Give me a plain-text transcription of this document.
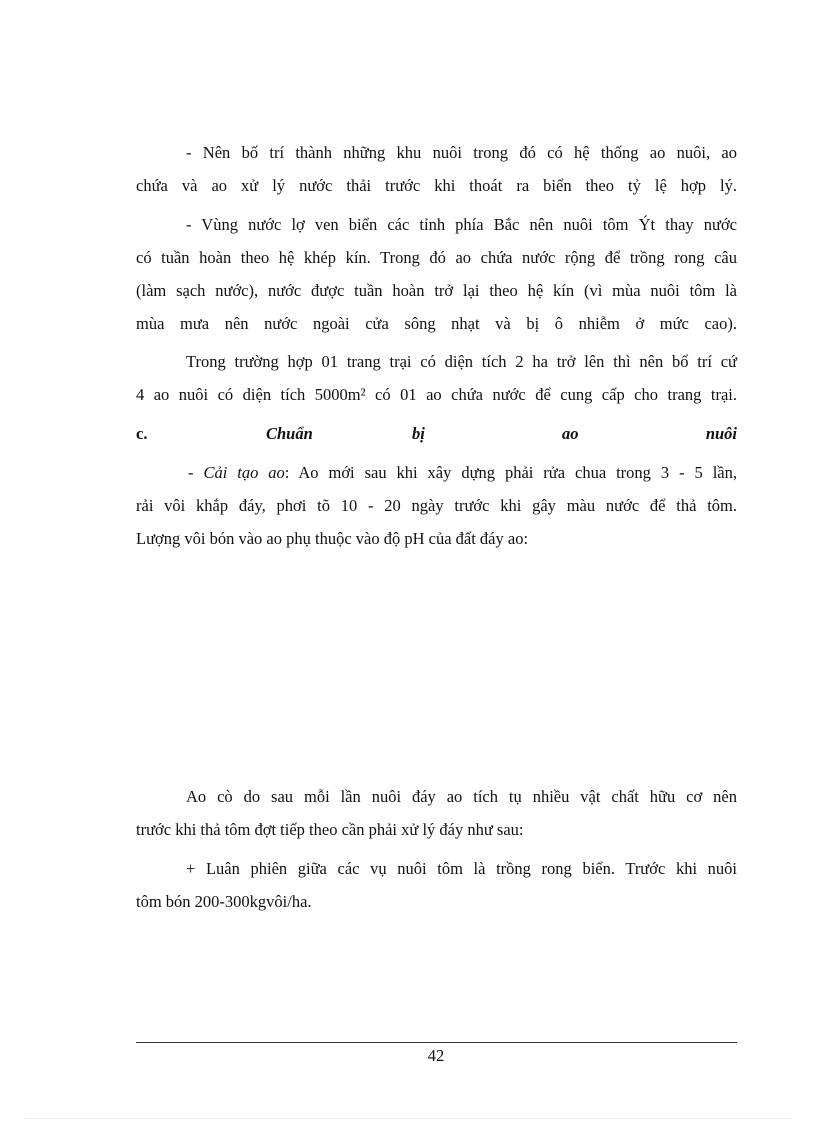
- Nên bố trí thành những khu nuôi trong đó có hệ thống ao nuôi, ao
chứa và ao xử lý nước thải trước khi thoát ra biển theo tỷ lệ hợp lý.
- Vùng nước lợ ven biển các tỉnh phía Bắc nên nuôi tôm Ýt thay nước
có tuần hoàn theo hệ khép kín. Trong đó ao chứa nước rộng để trồng rong câu
(làm sạch nước), nước được tuần hoàn trở lại theo hệ kín (vì mùa nuôi tôm là
mùa mưa nên nước ngoài cửa sông nhạt và bị ô nhiễm ở mức cao).
Trong trường hợp 01 trang trại có diện tích 2 ha trở lên thì nên bố trí cứ
4 ao nuôi có diện tích 5000m² có 01 ao chứa nước để cung cấp cho trang trại.
c.	Chuẩn	bị	ao	nuôi
- Cải tạo ao: Ao mới sau khi xây dựng phải rửa chua trong 3 - 5 lần,
rải vôi khắp đáy, phơi tõ 10 - 20 ngày trước khi gây màu nước để thả tôm.
Lượng vôi bón vào ao phụ thuộc vào độ pH của đất đáy ao:
Ao cò do sau mỗi lần nuôi đáy ao tích tụ nhiều vật chất hữu cơ nên
trước khi thả tôm đợt tiếp theo cần phải xử lý đáy như sau:
+ Luân phiên giữa các vụ nuôi tôm là trồng rong biển. Trước khi nuôi
tôm bón 200-300kgvôi/ha.
42
